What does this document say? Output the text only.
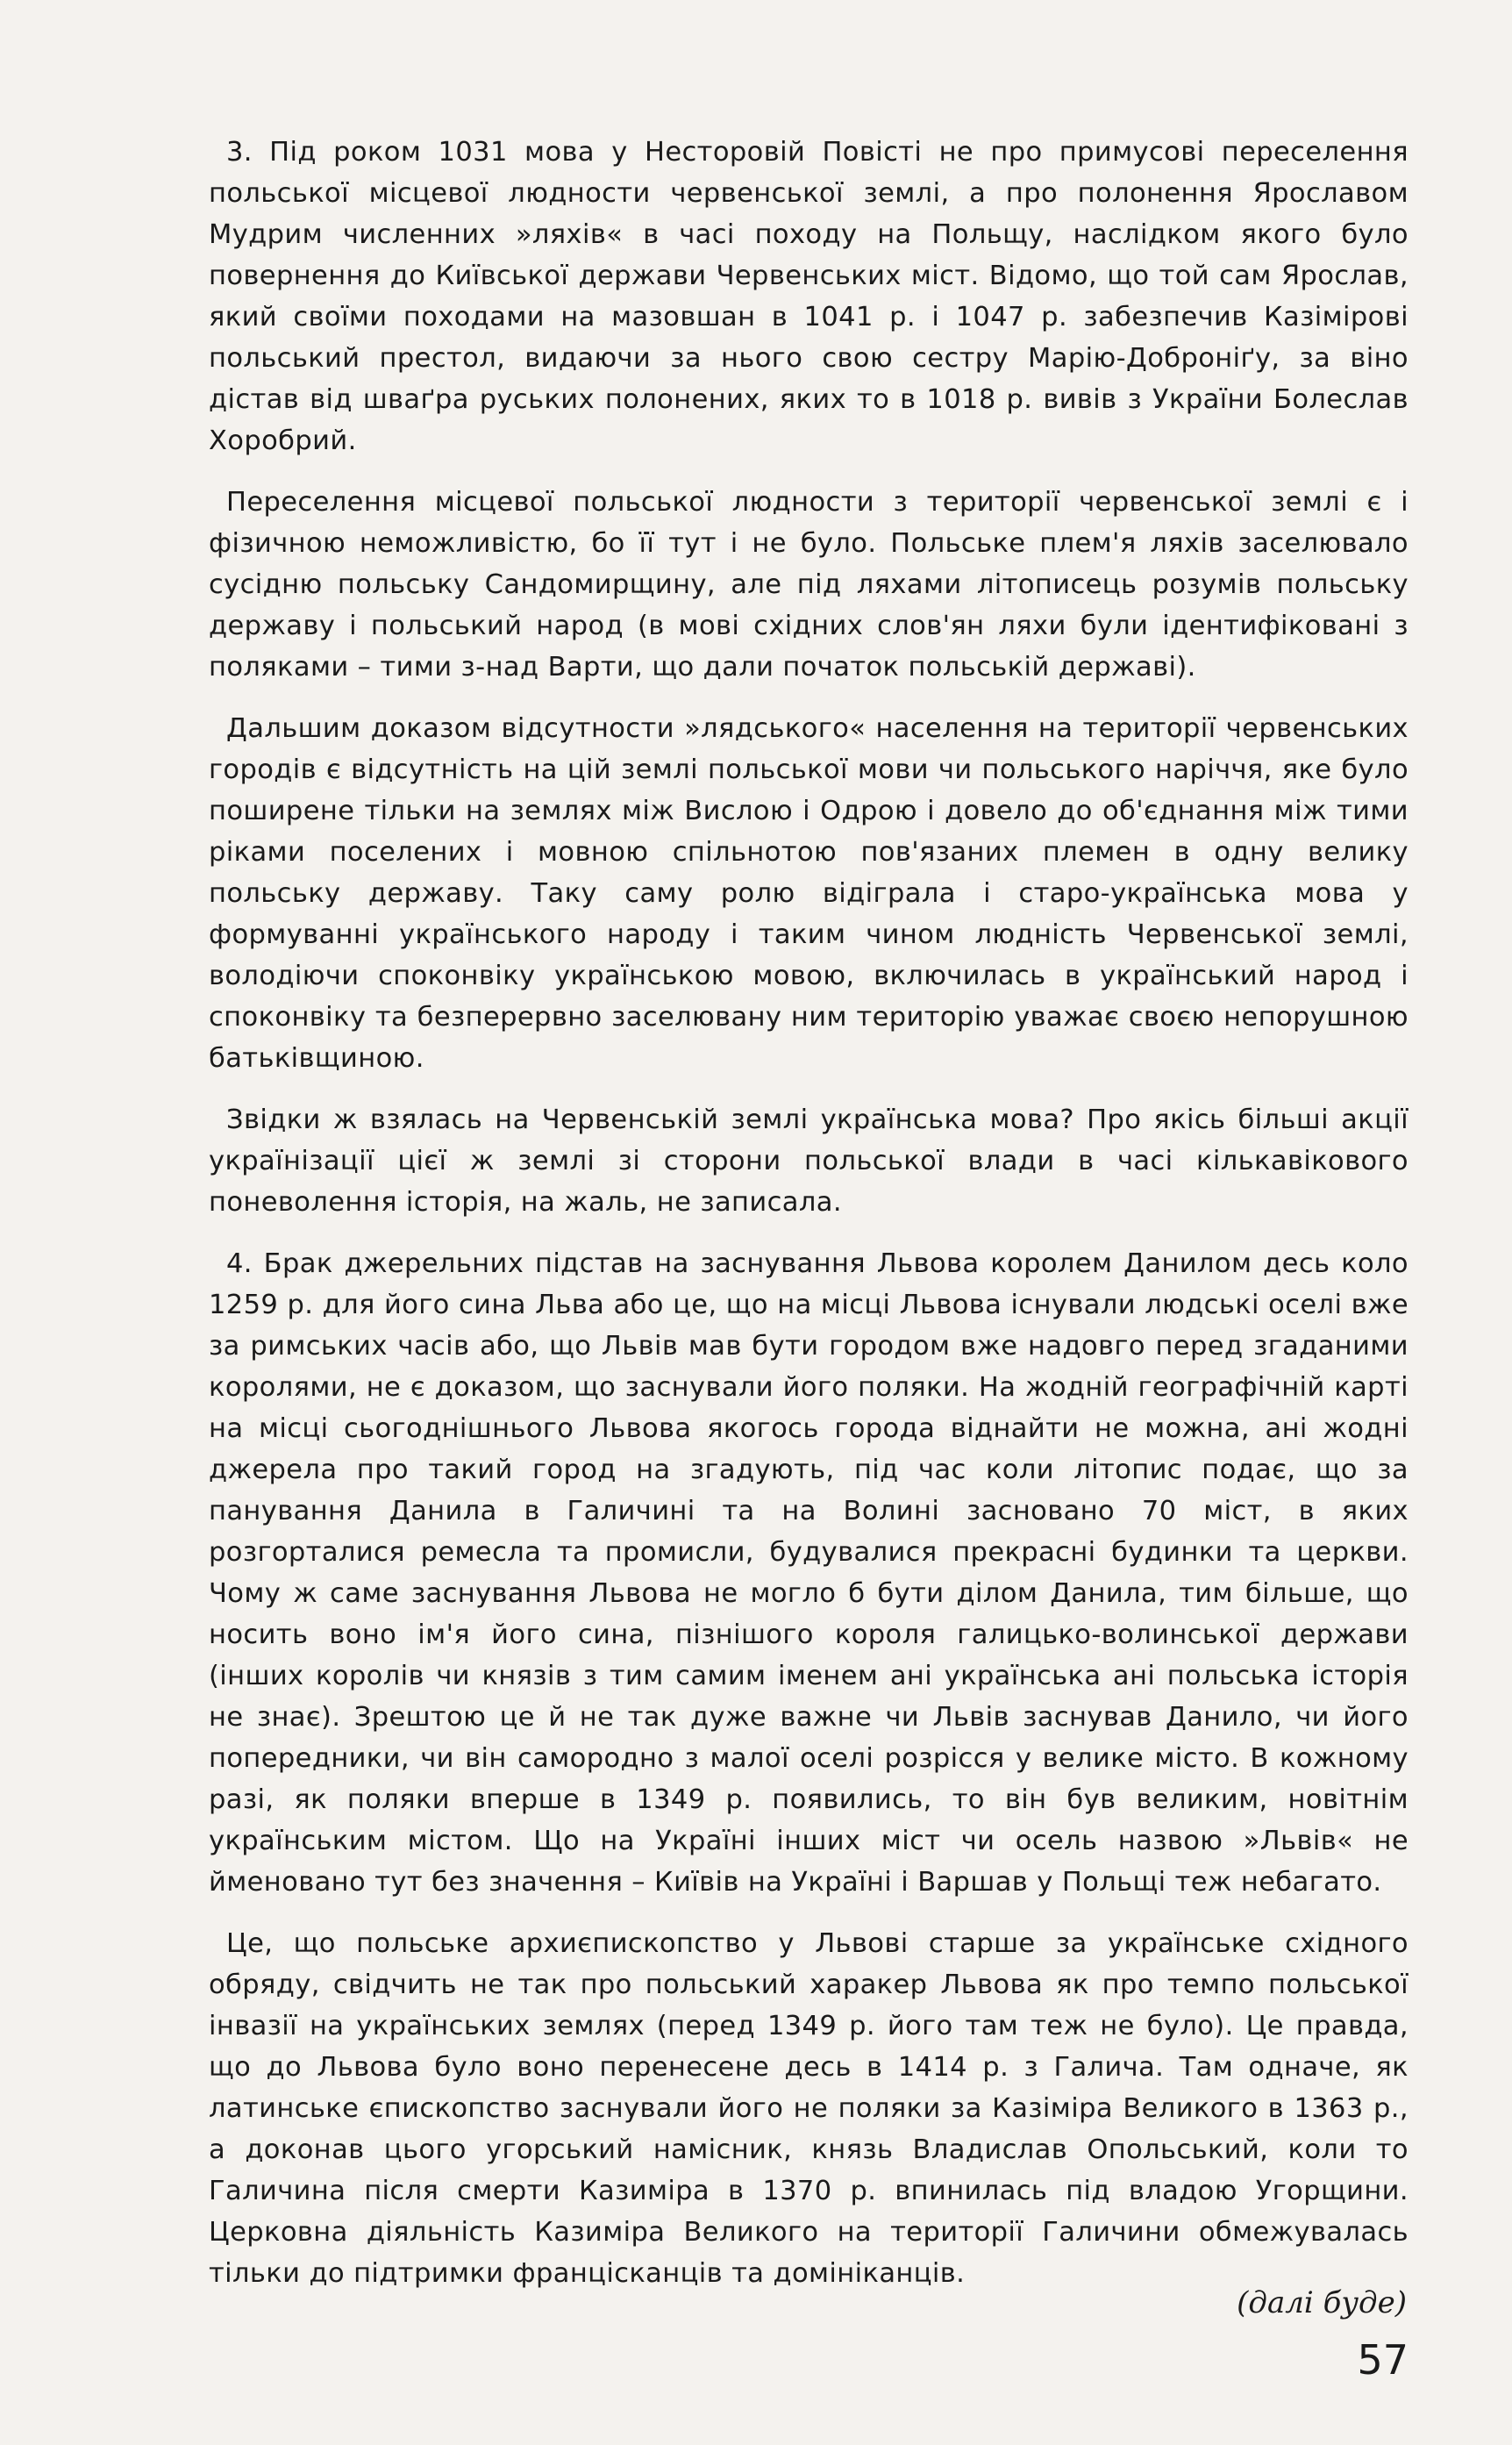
3. Під роком 1031 мова у Несторовій Повісті не про примусові переселення польської місцевої людности червенської землі, а про полонення Ярославом Мудрим численних »ляхів« в часі походу на Польщу, наслідком якого було повернення до Київської держави Червенських міст. Відомо, що той сам Ярослав, який своїми походами на мазовшан в 1041 р. і 1047 р. забезпечив Казімірові польський престол, видаючи за нього свою сестру Марію-Доброніґу, за віно дістав від шваґра руських полонених, яких то в 1018 р. вивів з України Болеслав Хоробрий.

Переселення місцевої польської людности з території червенської землі є і фізичною неможливістю, бо її тут і не було. Польське плем'я ляхів заселювало сусідню польську Сандомирщину, але під ляхами літописець розумів польську державу і польський народ (в мові східних слов'ян ляхи були ідентифіковані з поляками – тими з-над Варти, що дали початок польській державі).

Дальшим доказом відсутности »лядського« населення на території червенських городів є відсутність на цій землі польської мови чи польського наріччя, яке було поширене тільки на землях між Вислою і Одрою і довело до об'єднання між тими ріками поселених і мовною спільнотою пов'язаних племен в одну велику польську державу. Таку саму ролю відіграла і старо-українська мова у формуванні українського народу і таким чином людність Червенської землі, володіючи споконвіку українською мовою, включилась в український народ і споконвіку та безперервно заселювану ним територію уважає своєю непорушною батьківщиною.

Звідки ж взялась на Червенській землі українська мова? Про якісь більші акції українізації цієї ж землі зі сторони польської влади в часі кількавікового поневолення історія, на жаль, не записала.

4. Брак джерельних підстав на заснування Львова королем Данилом десь коло 1259 р. для його сина Льва або це, що на місці Львова існували людські оселі вже за римських часів або, що Львів мав бути городом вже надовго перед згаданими королями, не є доказом, що заснували його поляки. На жодній географічній карті на місці сьогоднішнього Львова якогось города віднайти не можна, ані жодні джерела про такий город на згадують, під час коли літопис подає, що за панування Данила в Галичині та на Волині засновано 70 міст, в яких розгорталися ремесла та промисли, будувалися прекрасні будинки та церкви. Чому ж саме заснування Львова не могло б бути ділом Данила, тим більше, що носить воно ім'я його сина, пізнішого короля галицько-волинської держави (інших королів чи князів з тим самим іменем ані українська ані польська історія не знає). Зрештою це й не так дуже важне чи Львів заснував Данило, чи його попередники, чи він самородно з малої оселі розрісся у велике місто. В кожному разі, як поляки вперше в 1349 р. появились, то він був великим, новітнім українським містом. Що на Україні інших міст чи осель назвою »Львів« не йменовано тут без значення – Київів на Україні і Варшав у Польщі теж небагато.

Це, що польське архиєпископство у Львові старше за українське східного обряду, свідчить не так про польський харакер Львова як про темпо польської інвазії на українських землях (перед 1349 р. його там теж не було). Це правда, що до Львова було воно перенесене десь в 1414 р. з Галича. Там одначе, як латинське єпископство заснували його не поляки за Казіміра Великого в 1363 р., а доконав цього угорський намісник, князь Владислав Опольський, коли то Галичина після смерти Казиміра в 1370 р. впинилась під владою Угорщини. Церковна діяльність Казиміра Великого на території Галичини обмежувалась тільки до підтримки францісканців та домініканців.

(далі буде)
57
